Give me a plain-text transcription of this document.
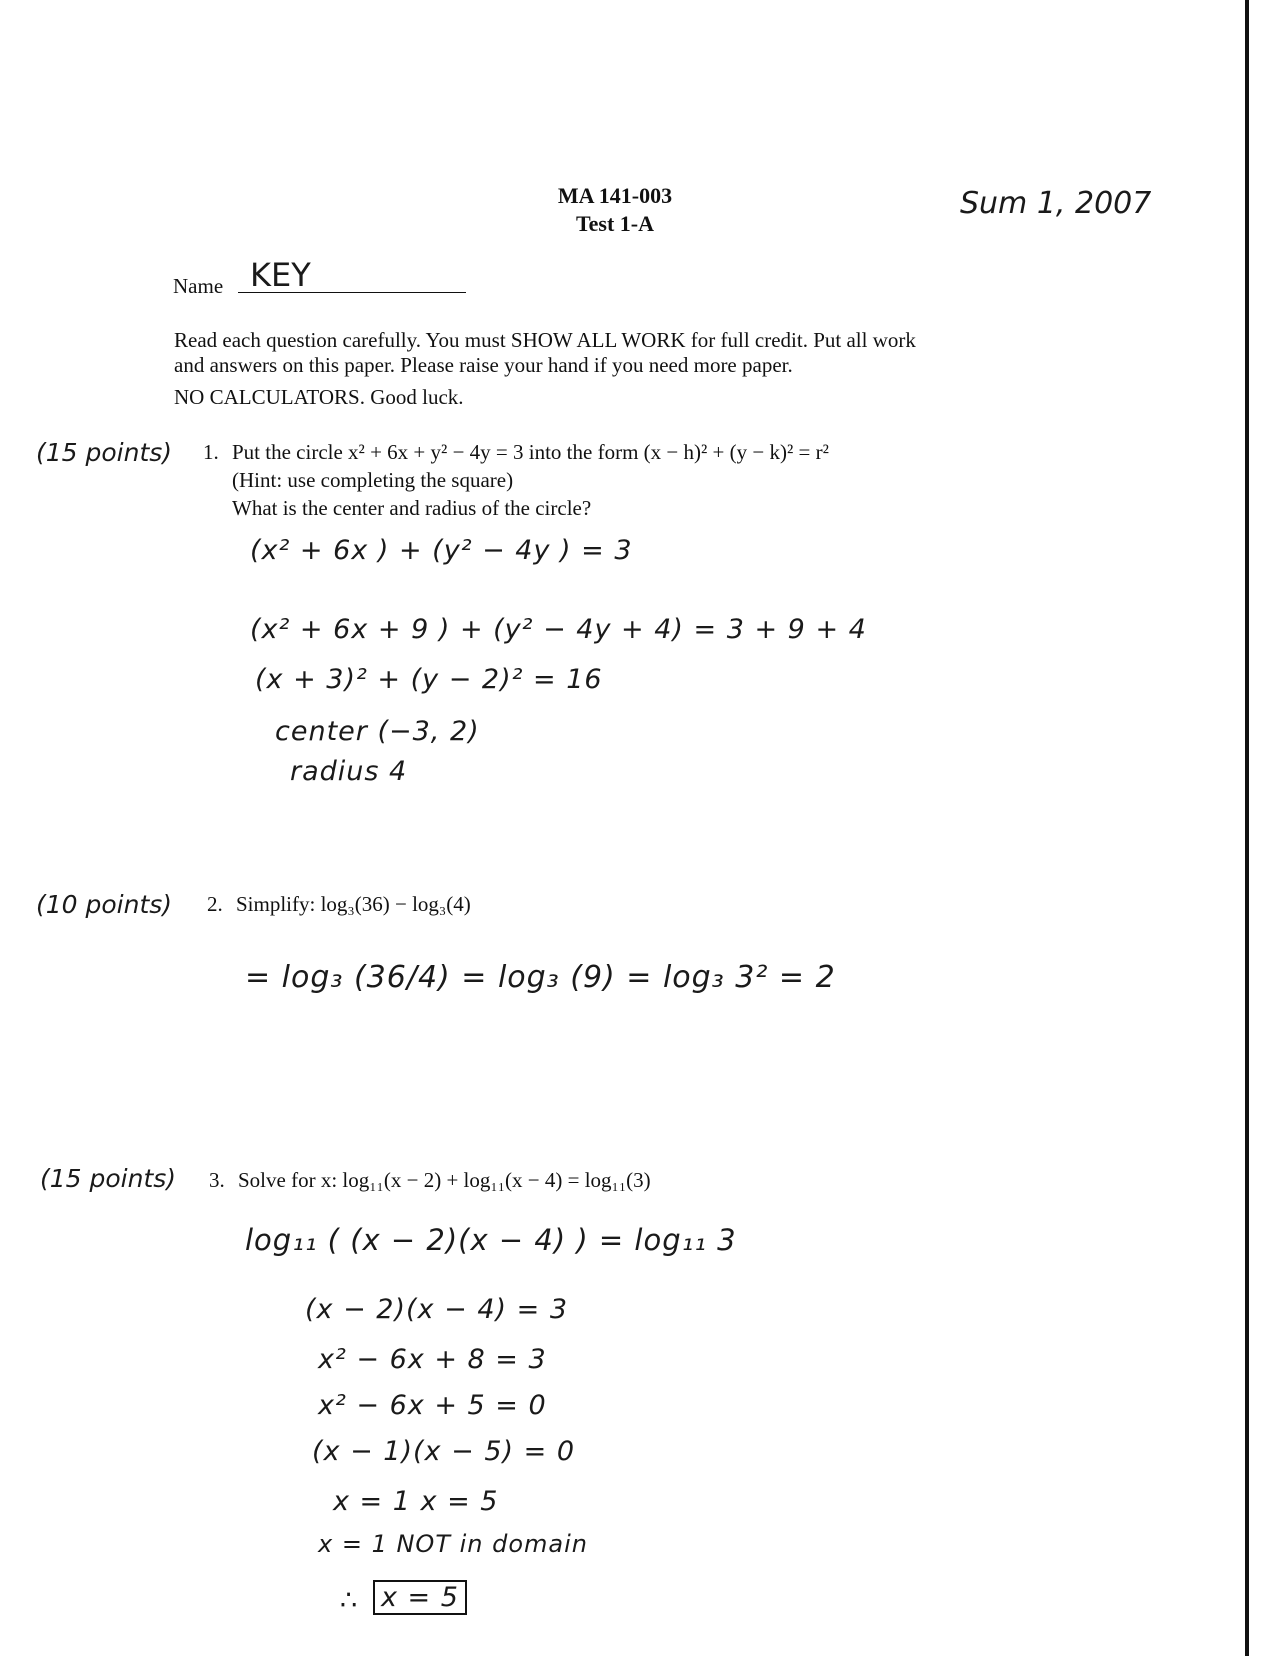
MA 141-003
Test 1-A
Sum 1, 2007
Name KEY
Read each question carefully. You must SHOW ALL WORK for full credit. Put all work
and answers on this paper. Please raise your hand if you need more paper.
NO CALCULATORS. Good luck.
(15 points) 1. Put the circle x² + 6x + y² − 4y = 3 into the form (x − h)² + (y − k)² = r²
(Hint: use completing the square)
What is the center and radius of the circle?
(x² + 6x ) + (y² − 4y ) = 3
(x² + 6x + 9 ) + (y² − 4y + 4) = 3 + 9 + 4
(x + 3)² + (y − 2)² = 16
center (−3, 2)
radius 4
(10 points) 2. Simplify: log₃(36) − log₃(4)
= log₃ (36/4) = log₃ (9) = log₃ 3² = 2
(15 points) 3. Solve for x: log₁₁(x − 2) + log₁₁(x − 4) = log₁₁(3)
log₁₁ ( (x − 2)(x − 4) ) = log₁₁ 3
(x − 2)(x − 4) = 3
x² − 6x + 8 = 3
x² − 6x + 5 = 0
(x − 1)(x − 5) = 0
x = 1 x = 5
x = 1 NOT in domain
∴ x = 5
